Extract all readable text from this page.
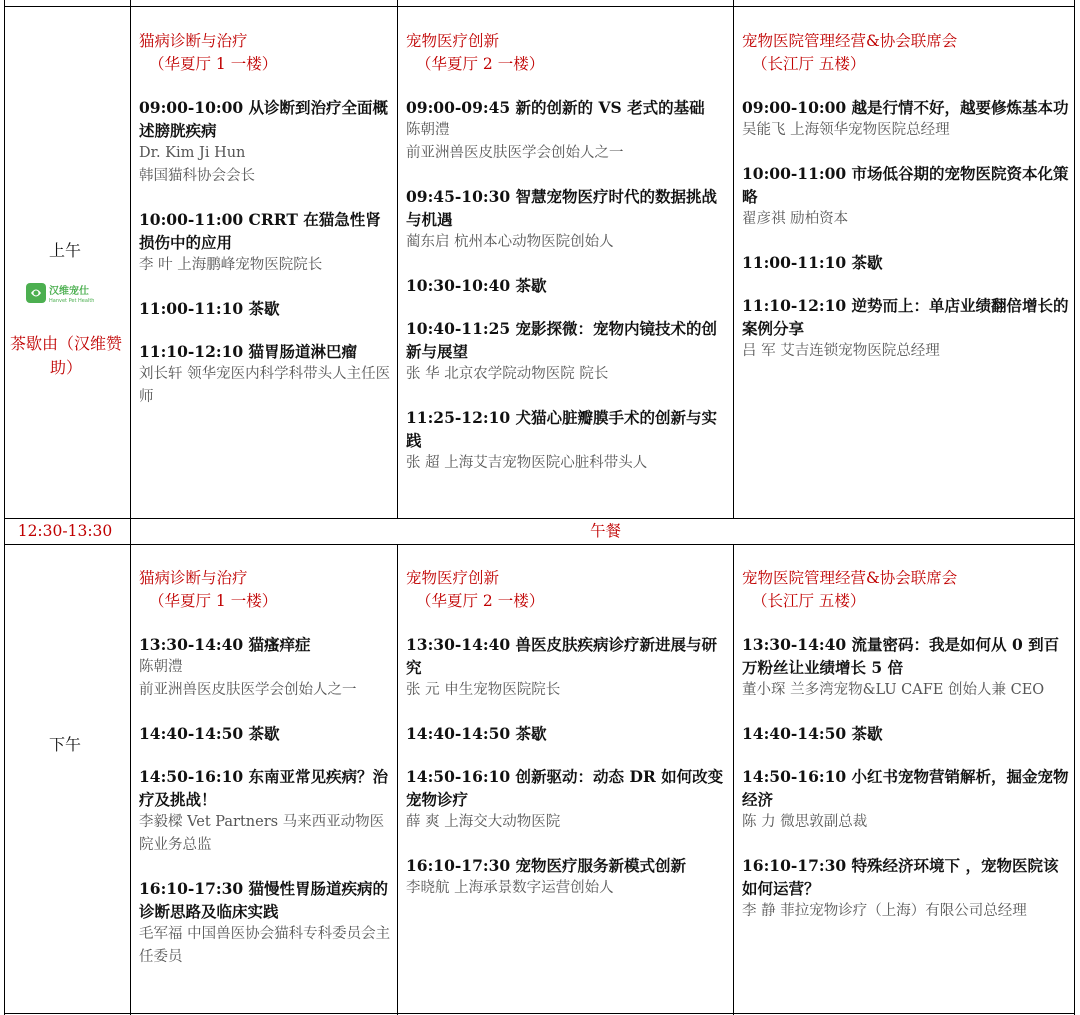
上午
汉维宠仕
Hanvet Pet Health
茶歇由（汉维赞助）
猫病诊断与治疗
（华夏厅 1 一楼）
09:00-10:00 从诊断到治疗全面概述膀胱疾病
Dr. Kim Ji Hun
韩国猫科协会会长
10:00-11:00 CRRT 在猫急性肾损伤中的应用
李 叶 上海鹏峰宠物医院院长
11:00-11:10 茶歇
11:10-12:10 猫胃肠道淋巴瘤
刘长轩 领华宠医内科学科带头人主任医师
宠物医疗创新
（华夏厅 2 一楼）
09:00-09:45 新的创新的 VS 老式的基础
陈朝澧
前亚洲兽医皮肤医学会创始人之一
09:45-10:30 智慧宠物医疗时代的数据挑战与机遇
蔺东启 杭州本心动物医院创始人
10:30-10:40 茶歇
10:40-11:25 宠影探微：宠物内镜技术的创新与展望
张 华 北京农学院动物医院 院长
11:25-12:10 犬猫心脏瓣膜手术的创新与实践
张 超 上海艾吉宠物医院心脏科带头人
宠物医院管理经营&协会联席会
（长江厅 五楼）
09:00-10:00 越是行情不好，越要修炼基本功
吴能飞 上海领华宠物医院总经理
10:00-11:00 市场低谷期的宠物医院资本化策略
翟彦祺 励柏资本
11:00-11:10 茶歇
11:10-12:10 逆势而上：单店业绩翻倍增长的案例分享
吕 军 艾吉连锁宠物医院总经理
12:30-13:30	午餐
下午
猫病诊断与治疗
（华夏厅 1 一楼）
13:30-14:40 猫瘙痒症
陈朝澧
前亚洲兽医皮肤医学会创始人之一
14:40-14:50 茶歇
14:50-16:10 东南亚常见疾病？治疗及挑战！
李毅樑 Vet Partners 马来西亚动物医院业务总监
16:10-17:30 猫慢性胃肠道疾病的诊断思路及临床实践
毛军福 中国兽医协会猫科专科委员会主任委员
宠物医疗创新
（华夏厅 2 一楼）
13:30-14:40 兽医皮肤疾病诊疗新进展与研究
张 元 申生宠物医院院长
14:40-14:50 茶歇
14:50-16:10 创新驱动：动态 DR 如何改变宠物诊疗
薛 爽 上海交大动物医院
16:10-17:30 宠物医疗服务新模式创新
李晓航 上海承景数字运营创始人
宠物医院管理经营&协会联席会
（长江厅 五楼）
13:30-14:40 流量密码：我是如何从 0 到百万粉丝让业绩增长 5 倍
董小琛 兰多湾宠物&LU CAFE 创始人兼 CEO
14:40-14:50 茶歇
14:50-16:10 小红书宠物营销解析，掘金宠物经济
陈 力 微思敦副总裁
16:10-17:30 特殊经济环境下 ，宠物医院该如何运营？
李 静 菲拉宠物诊疗（上海）有限公司总经理
